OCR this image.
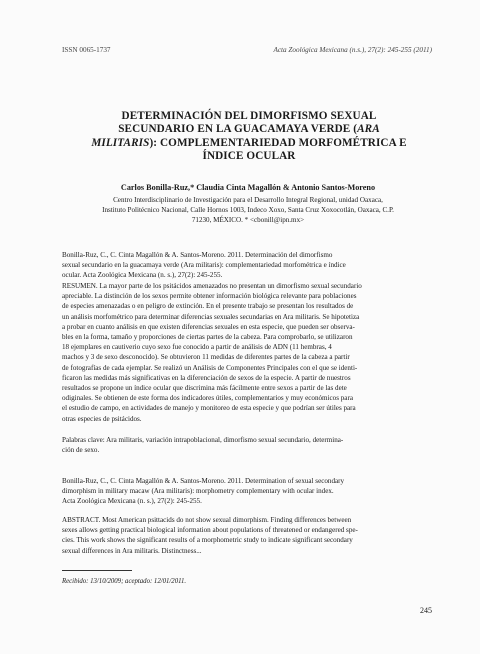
ISSN 0065-1737	Acta Zoológica Mexicana (n.s.), 27(2): 245-255 (2011)
DETERMINACIÓN DEL DIMORFISMO SEXUAL
SECUNDARIO EN LA GUACAMAYA VERDE (ARA
MILITARIS): COMPLEMENTARIEDAD MORFOMÉTRICA E
ÍNDICE OCULAR
Carlos Bonilla-Ruz,* Claudia Cinta Magallón & Antonio Santos-Moreno
Centro Interdisciplinario de Investigación para el Desarrollo Integral Regional, unidad Oaxaca,
Instituto Politécnico Nacional, Calle Hornos 1003, Indeco Xoxo, Santa Cruz Xoxocotlán, Oaxaca, C.P.
71230, MÉXICO. * <cbonill@ipn.mx>
Bonilla-Ruz, C., C. Cinta Magallón & A. Santos-Moreno. 2011. Determinación del dimorfismo
sexual secundario en la guacamaya verde (Ara militaris): complementariedad morfométrica e índice
ocular. Acta Zoológica Mexicana (n. s.), 27(2): 245-255.
RESUMEN. La mayor parte de los psitácidos amenazados no presentan un dimorfismo sexual secundario
apreciable. La distinción de los sexos permite obtener información biológica relevante para poblaciones
de especies amenazadas o en peligro de extinción. En el presente trabajo se presentan los resultados de
un análisis morfométrico para determinar diferencias sexuales secundarias en Ara militaris. Se hipotetiza
a probar en cuanto análisis en que existen diferencias sexuales en esta especie, que pueden ser observa-
bles en la forma, tamaño y proporciones de ciertas partes de la cabeza. Para comprobarlo, se utilizaron
18 ejemplares en cautiverio cuyo sexo fue conocido a partir de análisis de ADN (11 hembras, 4
machos y 3 de sexo desconocido). Se obtuvieron 11 medidas de diferentes partes de la cabeza a partir
de fotografías de cada ejemplar. Se realizó un Análisis de Componentes Principales con el que se identi-
ficaron las medidas más significativas en la diferenciación de sexos de la especie. A partir de nuestros
resultados se propone un índice ocular que discrimina más fácilmente entre sexos a partir de las dete
odiginales. Se obtienen de este forma dos indicadores útiles, complementarios y muy económicos para
el estudio de campo, en actividades de manejo y monitoreo de esta especie y que podrían ser útiles para
otras especies de psitácidos.
Palabras clave: Ara militaris, variación intrapoblacional, dimorfismo sexual secundario, determina-
ción de sexo.
Bonilla-Ruz, C., C. Cinta Magallón & A. Santos-Moreno. 2011. Determination of sexual secondary
dimorphism in military macaw (Ara militaris): morphometry complementary with ocular index.
Acta Zoológica Mexicana (n. s.), 27(2): 245-255.
ABSTRACT. Most American psittacids do not show sexual dimorphism. Finding differences between
sexes allows getting practical biological information about populations of threatened or endangered spe-
cies. This work shows the significant results of a morphometric study to indicate significant secondary
sexual differences in Ara militaris. Distinctness...
Recibido: 13/10/2009; aceptado: 12/01/2011.
245
